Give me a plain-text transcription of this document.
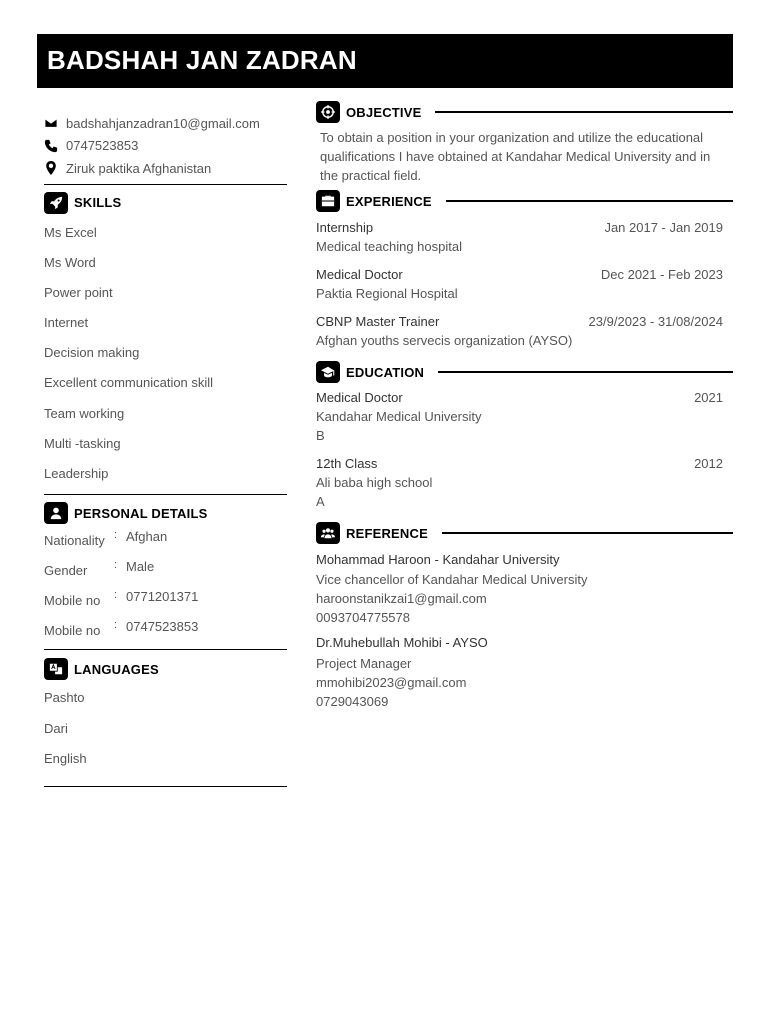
BADSHAH JAN ZADRAN
badshahjanzadran10@gmail.com
0747523853
Ziruk paktika Afghanistan
SKILLS
Ms Excel
Ms Word
Power point
Internet
Decision making
Excellent communication skill
Team working
Multi -tasking
Leadership
PERSONAL DETAILS
Nationality : Afghan
Gender	: Male
Mobile no	: 0771201371
Mobile no	: 0747523853
LANGUAGES
Pashto
Dari
English
OBJECTIVE
To obtain a position in your organization and utilize the educational qualifications I have obtained at Kandahar Medical University and in the practical field.
EXPERIENCE
Internship	Jan 2017 - Jan 2019
Medical teaching hospital
Medical Doctor	Dec 2021 - Feb 2023
Paktia Regional Hospital
CBNP Master Trainer	23/9/2023 - 31/08/2024
Afghan youths servecis organization (AYSO)
EDUCATION
Medical Doctor	2021
Kandahar Medical University
B
12th Class	2012
Ali baba high school
A
REFERENCE
Mohammad Haroon - Kandahar University
Vice chancellor of Kandahar Medical University
haroonstanikzai1@gmail.com
0093704775578
Dr.Muhebullah Mohibi - AYSO
Project Manager
mmohibi2023@gmail.com
0729043069
